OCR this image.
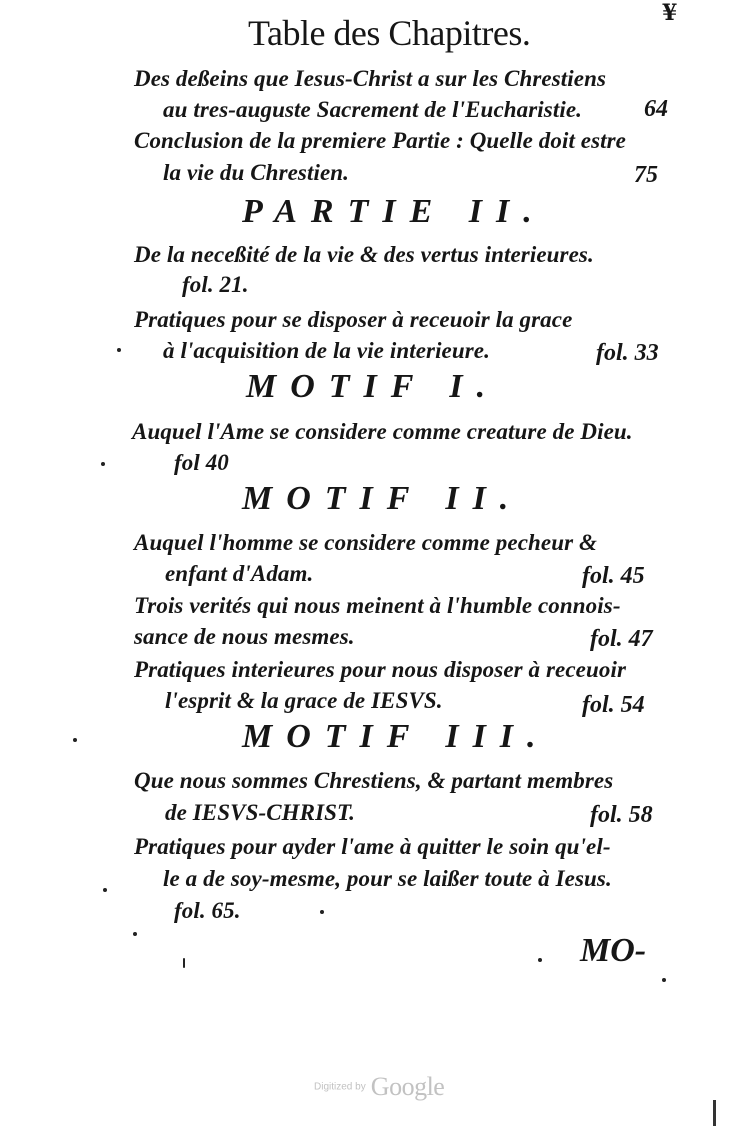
Table des Chapitres.	¥
Des deßeins que Iesus-Christ a sur les Chrestiens
au tres-auguste Sacrement de l'Eucharistie.	64
Conclusion de la premiere Partie : Quelle doit estre
la vie du Chrestien.	75
PARTIE II.
De la neceßité de la vie & des vertus interieures.
fol. 21.
Pratiques pour se disposer à receuoir la grace
à l'acquisition de la vie interieure.	fol. 33
MOTIF I.
Auquel l'Ame se considere comme creature de Dieu.
fol 40
MOTIF II.
Auquel l'homme se considere comme pecheur &
enfant d'Adam.	fol. 45
Trois verités qui nous meinent à l'humble connois-
sance de nous mesmes.	fol. 47
Pratiques interieures pour nous disposer à receuoir
l'esprit & la grace de IESVS.	fol. 54
MOTIF III.
Que nous sommes Chrestiens, & partant membres
de IESVS-CHRIST.	fol. 58
Pratiques pour ayder l'ame à quitter le soin qu'el-
le a de soy-mesme, pour se laißer toute à Iesus.
fol. 65.
MO-
Digitized by Google
